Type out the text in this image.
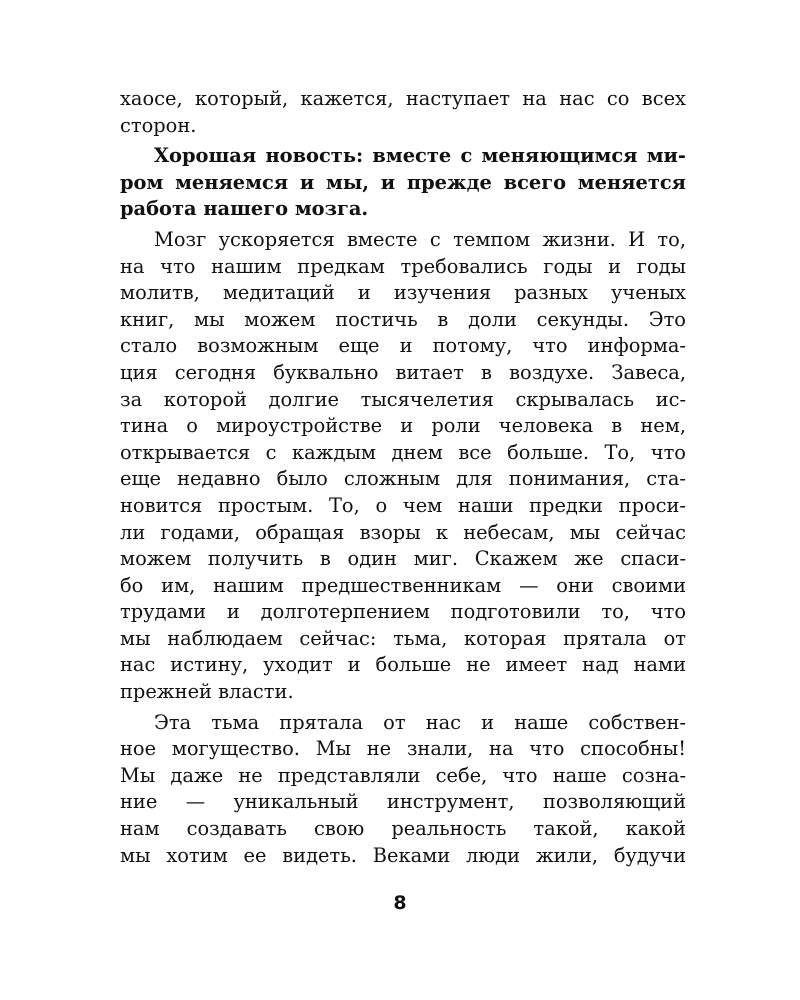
хаосе, который, кажется, наступает на нас со всех
сторон.
Хорошая новость: вместе с меняющимся ми-
ром меняемся и мы, и прежде всего меняется
работа нашего мозга.
Мозг ускоряется вместе с темпом жизни. И то,
на что нашим предкам требовались годы и годы
молитв, медитаций и изучения разных ученых
книг, мы можем постичь в доли секунды. Это
стало возможным еще и потому, что информа-
ция сегодня буквально витает в воздухе. Завеса,
за которой долгие тысячелетия скрывалась ис-
тина о мироустройстве и роли человека в нем,
открывается с каждым днем все больше. То, что
еще недавно было сложным для понимания, ста-
новится простым. То, о чем наши предки проси-
ли годами, обращая взоры к небесам, мы сейчас
можем получить в один миг. Скажем же спаси-
бо им, нашим предшественникам — они своими
трудами и долготерпением подготовили то, что
мы наблюдаем сейчас: тьма, которая прятала от
нас истину, уходит и больше не имеет над нами
прежней власти.
Эта тьма прятала от нас и наше собствен-
ное могущество. Мы не знали, на что способны!
Мы даже не представляли себе, что наше созна-
ние — уникальный инструмент, позволяющий
нам создавать свою реальность такой, какой
мы хотим ее видеть. Веками люди жили, будучи
8
